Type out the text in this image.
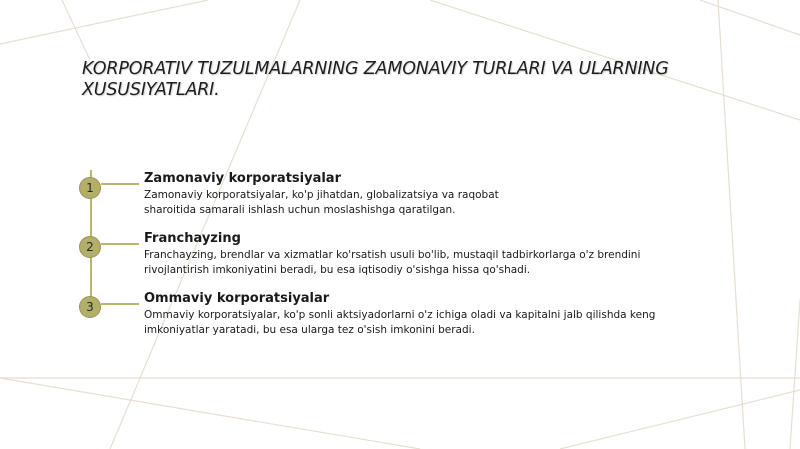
KORPORATIV TUZULMALARNING ZAMONAVIY TURLARI VA ULARNING XUSUSIYATLARI.
1
Zamonaviy korporatsiyalar

Zamonaviy korporatsiyalar, ko'p jihatdan, globalizatsiya va raqobat sharoitida samarali ishlash uchun moslashishga qaratilgan.

2
Franchayzing

Franchayzing, brendlar va xizmatlar ko'rsatish usuli bo'lib, mustaqil tadbirkorlarga o'z brendini rivojlantirish imkoniyatini beradi, bu esa iqtisodiy o'sishga hissa qo'shadi.

3
Ommaviy korporatsiyalar

Ommaviy korporatsiyalar, ko'p sonli aktsiyadorlarni o'z ichiga oladi va kapitalni jalb qilishda keng imkoniyatlar yaratadi, bu esa ularga tez o'sish imkonini beradi.
